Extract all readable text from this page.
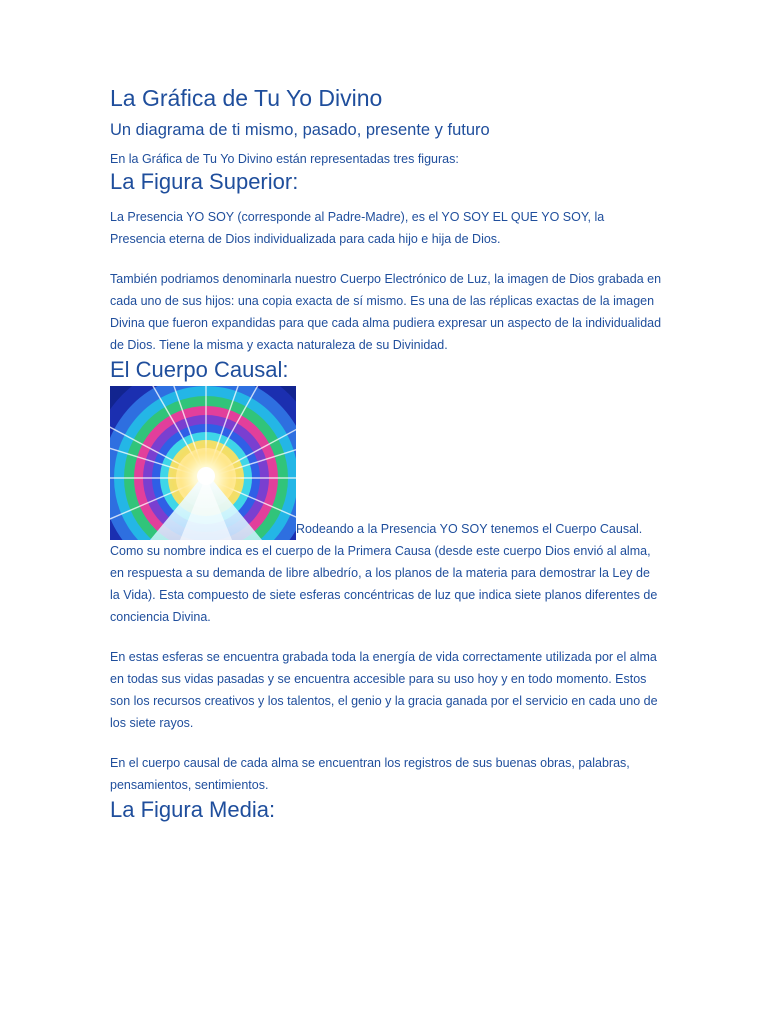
La Gráfica de Tu Yo Divino
Un diagrama de ti mismo, pasado, presente y futuro
En la Gráfica de Tu Yo Divino están representadas tres figuras:
La Figura Superior:

La Presencia YO SOY (corresponde al Padre-Madre), es el YO SOY EL QUE YO SOY, la Presencia eterna de Dios individualizada para cada hijo e hija de Dios.

También podriamos denominarla nuestro Cuerpo Electrónico de Luz, la imagen de Dios grabada en cada uno de sus hijos: una copia exacta de sí mismo. Es una de las réplicas exactas de la imagen Divina que fueron expandidas para que cada alma pudiera expresar un aspecto de la individualidad de Dios. Tiene la misma y exacta naturaleza de su Divinidad.

El Cuerpo Causal:

Rodeando a la Presencia YO SOY tenemos el Cuerpo Causal. Como su nombre indica es el cuerpo de la Primera Causa (desde este cuerpo Dios envió al alma, en respuesta a su demanda de libre albedrío, a los planos de la materia para demostrar la Ley de la Vida). Esta compuesto de siete esferas concéntricas de luz que indica siete planos diferentes de conciencia Divina.

En estas esferas se encuentra grabada toda la energía de vida correctamente utilizada por el alma en todas sus vidas pasadas y se encuentra accesible para su uso hoy y en todo momento. Estos son los recursos creativos y los talentos, el genio y la gracia ganada por el servicio en cada uno de los siete rayos.

En el cuerpo causal de cada alma se encuentran los registros de sus buenas obras, palabras, pensamientos, sentimientos.

La Figura Media:
